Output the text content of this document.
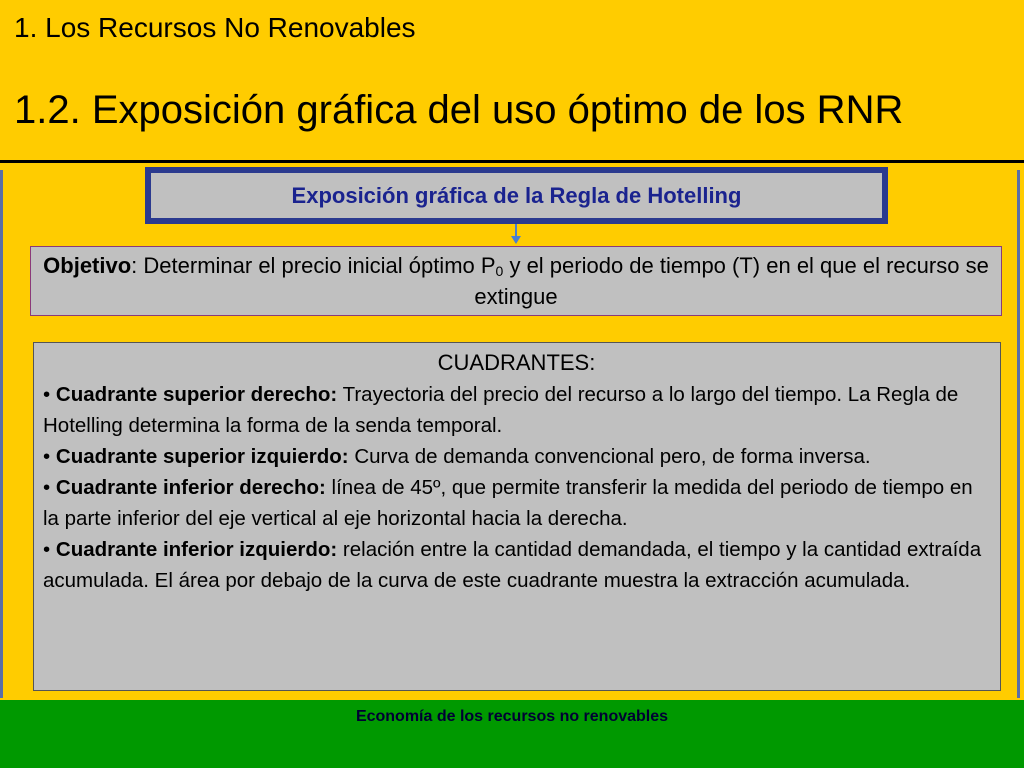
1. Los Recursos No Renovables
1.2. Exposición gráfica del uso óptimo de los RNR
Exposición gráfica de la Regla de Hotelling
Objetivo: Determinar el precio inicial óptimo $P_0$ y el periodo de tiempo (T) en el que el recurso se extingue
CUADRANTES:
• Cuadrante superior derecho: Trayectoria del precio del recurso a lo largo del tiempo. La Regla de Hotelling determina la forma de la senda temporal.
• Cuadrante superior izquierdo: Curva de demanda convencional pero, de forma inversa.
• Cuadrante inferior derecho: línea de 45º, que permite transferir la medida del periodo de tiempo en la parte inferior del eje vertical al eje horizontal hacia la derecha.
• Cuadrante inferior izquierdo: relación entre la cantidad demandada, el tiempo y la cantidad extraída acumulada. El área por debajo de la curva de este cuadrante muestra la extracción acumulada.
Economía de los recursos no renovables
